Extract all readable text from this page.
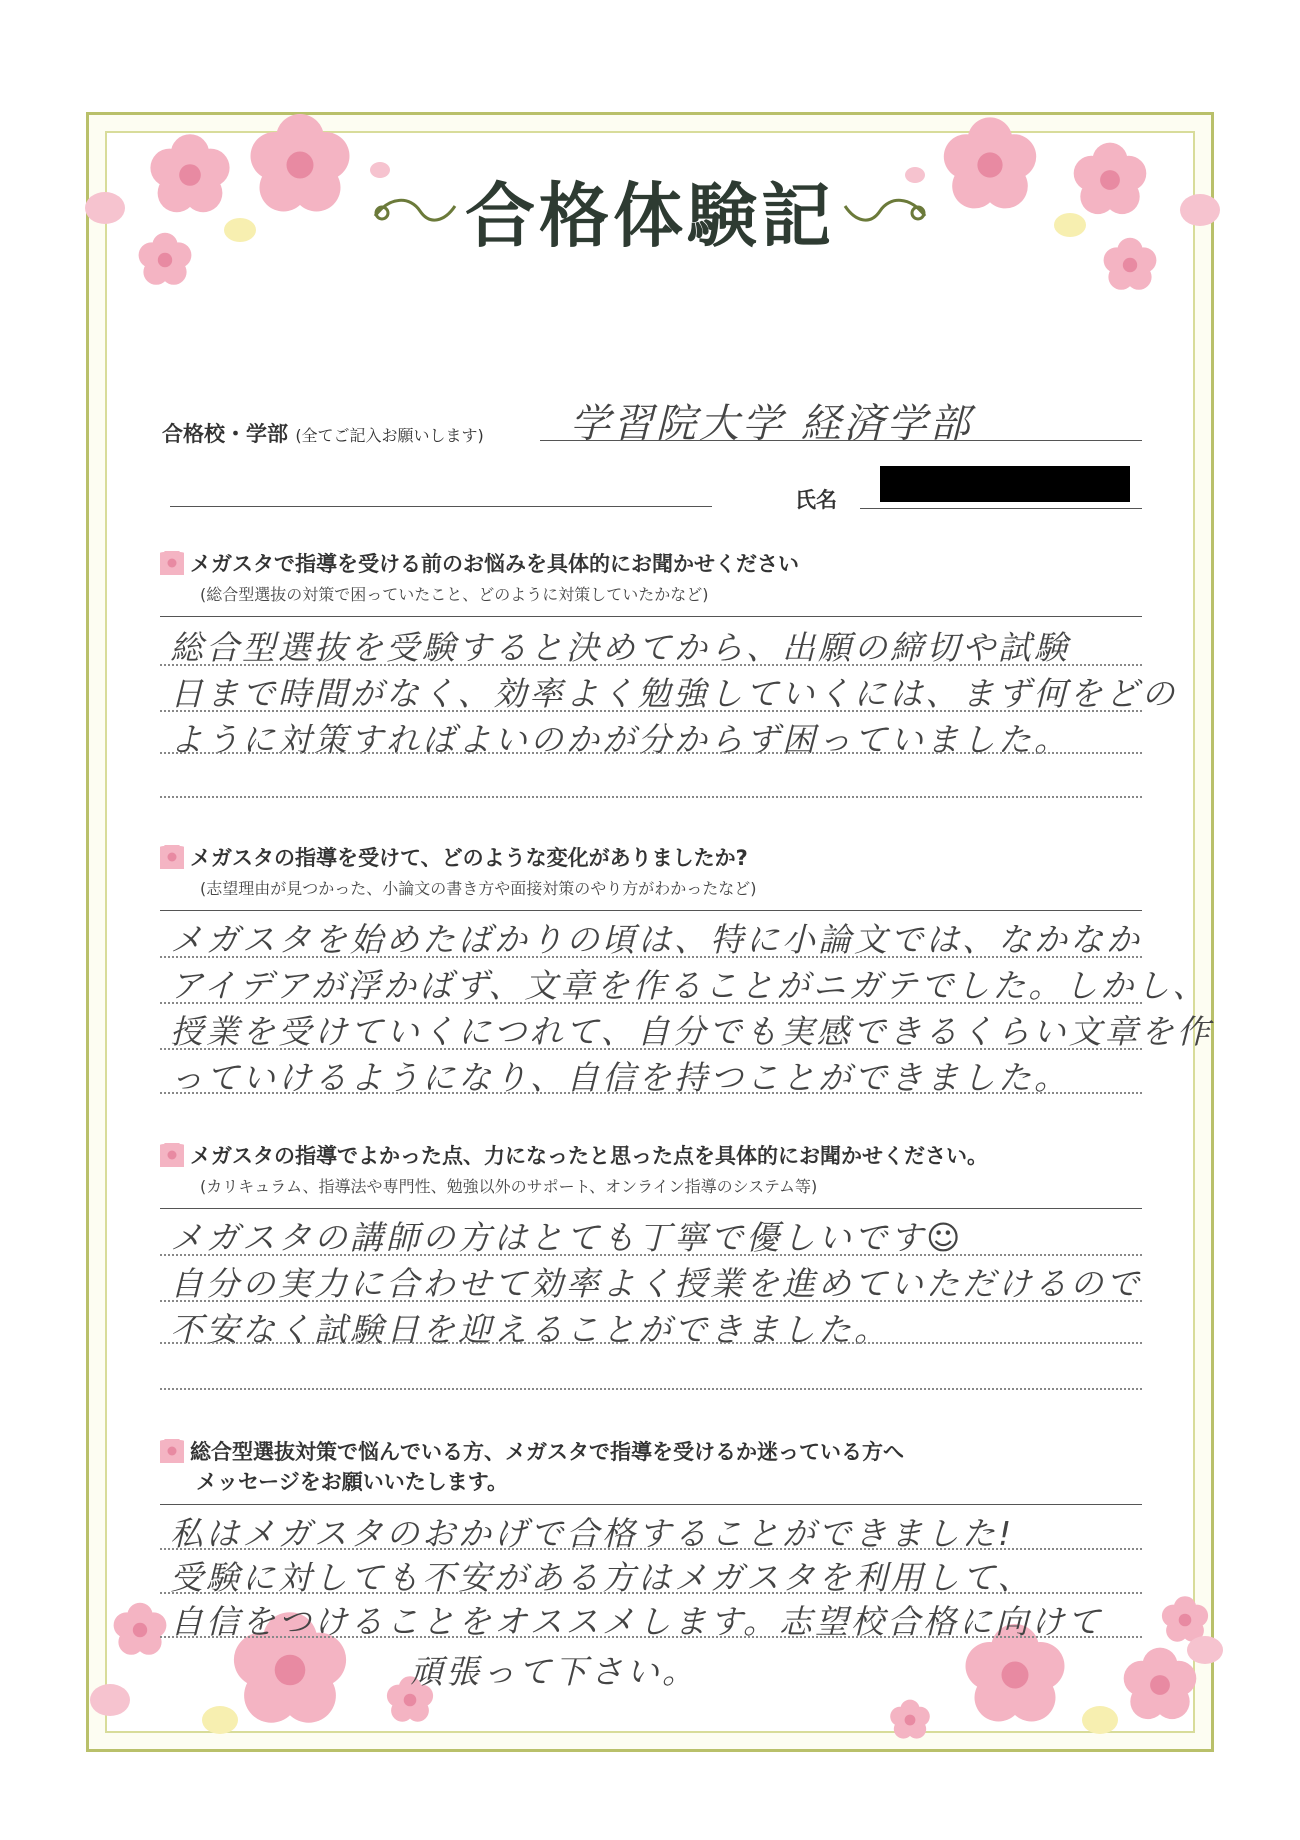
合格体験記
合格校・学部 (全てご記入お願いします) 学習院大学 経済学部
氏名
メガスタで指導を受ける前のお悩みを具体的にお聞かせください
(総合型選抜の対策で困っていたこと、どのように対策していたかなど)
総合型選抜を受験すると決めてから、出願の締切や試験
日まで時間がなく、効率よく勉強していくには、まず何をどの
ように対策すればよいのかが分からず困っていました。
メガスタの指導を受けて、どのような変化がありましたか?
(志望理由が見つかった、小論文の書き方や面接対策のやり方がわかったなど)
メガスタを始めたばかりの頃は、特に小論文では、なかなか
アイデアが浮かばず、文章を作ることがニガテでした。しかし、
授業を受けていくにつれて、自分でも実感できるくらい文章を作
っていけるようになり、自信を持つことができました。
メガスタの指導でよかった点、力になったと思った点を具体的にお聞かせください。
(カリキュラム、指導法や専門性、勉強以外のサポート、オンライン指導のシステム等)
メガスタの講師の方はとても丁寧で優しいです☺
自分の実力に合わせて効率よく授業を進めていただけるので
不安なく試験日を迎えることができました。
総合型選抜対策で悩んでいる方、メガスタで指導を受けるか迷っている方へ
メッセージをお願いいたします。
私はメガスタのおかげで合格することができました!
受験に対しても不安がある方はメガスタを利用して、
自信をつけることをオススメします。志望校合格に向けて
頑張って下さい。
